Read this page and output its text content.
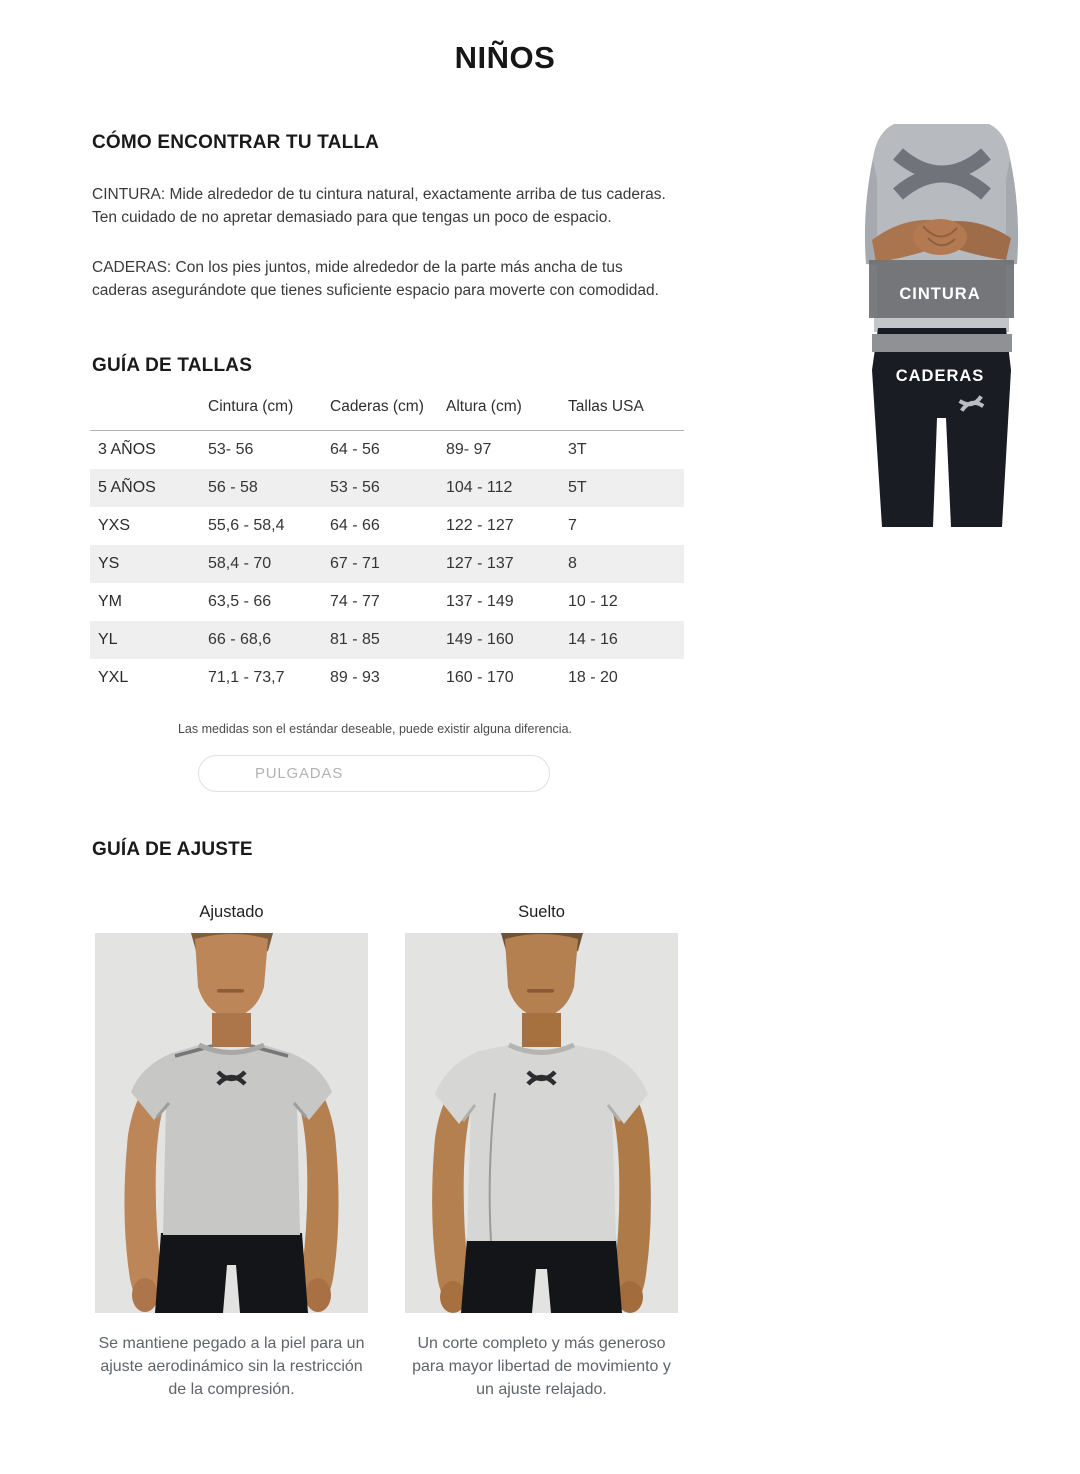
NIÑOS
CÓMO ENCONTRAR TU TALLA

CINTURA: Mide alrededor de tu cintura natural, exactamente arriba de tus caderas. Ten cuidado de no apretar demasiado para que tengas un poco de espacio.

CADERAS: Con los pies juntos, mide alrededor de la parte más ancha de tus caderas asegurándote que tienes suficiente espacio para moverte con comodidad.

GUÍA DE TALLAS
	Cintura (cm)	Caderas (cm)	Altura (cm)	Tallas USA
3 AÑOS	53- 56	64 - 56	89- 97	3T
5 AÑOS	56 - 58	53 - 56	104 - 112	5T
YXS	55,6 - 58,4	64 - 66	122 - 127	7
YS	58,4 - 70	67 - 71	127 - 137	8
YM	63,5 - 66	74 - 77	137 - 149	10 - 12
YL	66 - 68,6	81 - 85	149 - 160	14 - 16
YXL	71,1 - 73,7	89 - 93	160 - 170	18 - 20
Las medidas son el estándar deseable, puede existir alguna diferencia.
PULGADAS	CENTÍMETROS
GUÍA DE AJUSTE
Ajustado

Se mantiene pegado a la piel para un ajuste aerodinámico sin la restricción de la compresión.

Suelto

Un corte completo y más generoso para mayor libertad de movimiento y un ajuste relajado.

CINTURA
CADERAS
